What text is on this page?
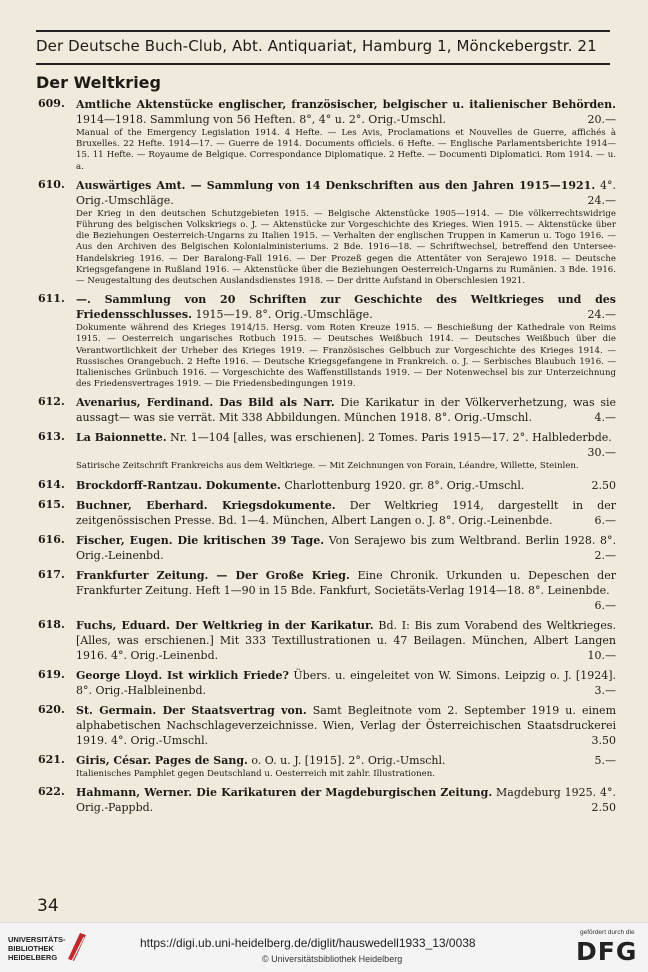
Der Deutsche Buch-Club, Abt. Antiquariat, Hamburg 1, Mönckebergstr. 21
Der Weltkrieg
609. Amtliche Aktenstücke englischer, französischer, belgischer u. italienischer Behörden. 1914—1918. Sammlung von 56 Heften. 8°, 4° u. 2°. Orig.-Umschl.	20.—
Manual of the Emergency Legislation 1914. 4 Hefte. — Les Avis, Proclamations et Nouvelles de Guerre, affichés à Bruxelles. 22 Hefte. 1914—17. — Guerre de 1914. Documents officiels. 6 Hefte. — Englische Parlamentsberichte 1914—15. 11 Hefte. — Royaume de Belgique. Correspondance Diplomatique. 2 Hefte. — Documenti Diplomatici. Rom 1914. — u. a.
610. Auswärtiges Amt. — Sammlung von 14 Denkschriften aus den Jahren 1915—1921. 4°. Orig.-Umschläge.	24.—
Der Krieg in den deutschen Schutzgebieten 1915. — Belgische Aktenstücke 1905—1914. — Die völkerrechtswidrige Führung des belgischen Volkskriegs o. J. — Aktenstücke zur Vorgeschichte des Krieges. Wien 1915. — Aktenstücke über die Beziehungen Oesterreich-Ungarns zu Italien 1915. — Verhalten der englischen Truppen in Kamerun u. Togo 1916. — Aus den Archiven des Belgischen Kolonialministeriums. 2 Bde. 1916—18. — Schriftwechsel, betreffend den Untersee-Handelskrieg 1916. — Der Baralong-Fall 1916. — Der Prozeß gegen die Attentäter von Serajewo 1918. — Deutsche Kriegsgefangene in Rußland 1916. — Aktenstücke über die Beziehungen Oesterreich-Ungarns zu Rumänien. 3 Bde. 1916. — Neugestaltung des deutschen Auslandsdienstes 1918. — Der dritte Aufstand in Oberschlesien 1921.
611. —. Sammlung von 20 Schriften zur Geschichte des Weltkrieges und des Friedensschlusses. 1915—19. 8°. Orig.-Umschläge.	24.—
Dokumente während des Krieges 1914/15. Hersg. vom Roten Kreuze 1915. — Beschießung der Kathedrale von Reims 1915. — Oesterreich ungarisches Rotbuch 1915. — Deutsches Weißbuch 1914. — Deutsches Weißbuch über die Verantwortlichkeit der Urheber des Krieges 1919. — Französisches Gelbbuch zur Vorgeschichte des Krieges 1914. — Russisches Orangebuch. 2 Hefte 1916. — Deutsche Kriegsgefangene in Frankreich. o. J. — Serbisches Blaubuch 1916. — Italienisches Grünbuch 1916. — Vorgeschichte des Waffenstillstands 1919. — Der Notenwechsel bis zur Unterzeichnung des Friedensvertrages 1919. — Die Friedensbedingungen 1919.
612. Avenarius, Ferdinand. Das Bild als Narr. Die Karikatur in der Völkerverhetzung, was sie aussagt— was sie verrät. Mit 338 Abbildungen. München 1918. 8°. Orig.-Umschl.	4.—
613. La Baionnette. Nr. 1—104 [alles, was erschienen]. 2 Tomes. Paris 1915—17. 2°. Halblederbde.
30.—
Satirische Zeitschrift Frankreichs aus dem Weltkriege. — Mit Zeichnungen von Forain, Léandre, Willette, Steinlen.
614. Brockdorff-Rantzau. Dokumente. Charlottenburg 1920. gr. 8°. Orig.-Umschl.	2.50
615. Buchner, Eberhard. Kriegsdokumente. Der Weltkrieg 1914, dargestellt in der zeitgenössischen Presse. Bd. 1—4. München, Albert Langen o. J. 8°. Orig.-Leinenbde.	6.—
616. Fischer, Eugen. Die kritischen 39 Tage. Von Serajewo bis zum Weltbrand. Berlin 1928. 8°. Orig.-Leinenbd.	2.—
617. Frankfurter Zeitung. — Der Große Krieg. Eine Chronik. Urkunden u. Depeschen der Frankfurter Zeitung. Heft 1—90 in 15 Bde. Fankfurt, Societäts-Verlag 1914—18. 8°. Leinenbde.
6.—
618. Fuchs, Eduard. Der Weltkrieg in der Karikatur. Bd. I: Bis zum Vorabend des Weltkrieges. [Alles, was erschienen.] Mit 333 Textillustrationen u. 47 Beilagen. München, Albert Langen 1916. 4°. Orig.-Leinenbd.	10.—
619. George Lloyd. Ist wirklich Friede? Übers. u. eingeleitet von W. Simons. Leipzig o. J. [1924]. 8°. Orig.-Halbleinenbd.	3.—
620. St. Germain. Der Staatsvertrag von. Samt Begleitnote vom 2. September 1919 u. einem alphabetischen Nachschlageverzeichnisse. Wien, Verlag der Österreichischen Staatsdruckerei 1919. 4°. Orig.-Umschl.	3.50
621. Giris, César. Pages de Sang. o. O. u. J. [1915]. 2°. Orig.-Umschl.	5.—
Italienisches Pamphlet gegen Deutschland u. Oesterreich mit zahlr. Illustrationen.
622. Hahmann, Werner. Die Karikaturen der Magdeburgischen Zeitung. Magdeburg 1925. 4°. Orig.-Pappbd.	2.50
34
UNIVERSITÄTS-
BIBLIOTHEK
HEIDELBERG
https://digi.ub.uni-heidelberg.de/diglit/hauswedell1933_13/0038
© Universitätsbibliothek Heidelberg
gefördert durch die
DFG
